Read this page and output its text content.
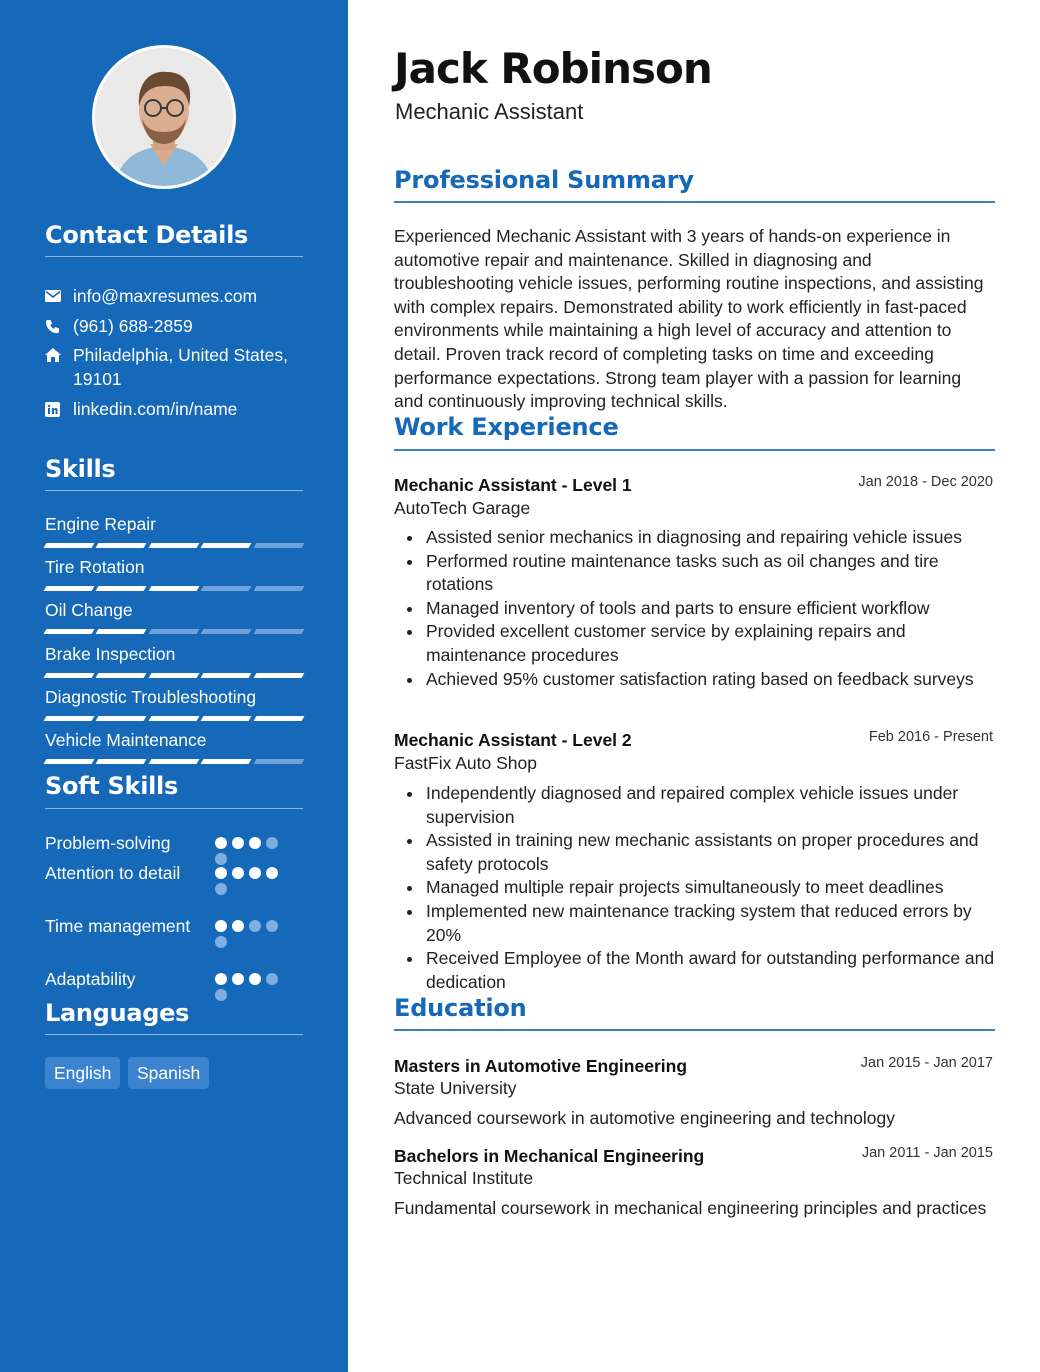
Contact Details
info@maxresumes.com
(961) 688-2859
Philadelphia, United States, 19101
linkedin.com/in/name
Skills
Engine Repair
Tire Rotation
Oil Change
Brake Inspection
Diagnostic Troubleshooting
Vehicle Maintenance
Soft Skills
Problem-solving
Attention to detail
Time management
Adaptability
Languages
English	Spanish
Jack Robinson
Mechanic Assistant
Professional Summary
Experienced Mechanic Assistant with 3 years of hands-on experience in automotive repair and maintenance. Skilled in diagnosing and troubleshooting vehicle issues, performing routine inspections, and assisting with complex repairs. Demonstrated ability to work efficiently in fast-paced environments while maintaining a high level of accuracy and attention to detail. Proven track record of completing tasks on time and exceeding performance expectations. Strong team player with a passion for learning and continuously improving technical skills.
Work Experience
Mechanic Assistant - Level 1	Jan 2018 - Dec 2020
AutoTech Garage
Assisted senior mechanics in diagnosing and repairing vehicle issues
Performed routine maintenance tasks such as oil changes and tire rotations
Managed inventory of tools and parts to ensure efficient workflow
Provided excellent customer service by explaining repairs and maintenance procedures
Achieved 95% customer satisfaction rating based on feedback surveys
Mechanic Assistant - Level 2	Feb 2016 - Present
FastFix Auto Shop
Independently diagnosed and repaired complex vehicle issues under supervision
Assisted in training new mechanic assistants on proper procedures and safety protocols
Managed multiple repair projects simultaneously to meet deadlines
Implemented new maintenance tracking system that reduced errors by 20%
Received Employee of the Month award for outstanding performance and dedication
Education
Masters in Automotive Engineering	Jan 2015 - Jan 2017
State University
Advanced coursework in automotive engineering and technology
Bachelors in Mechanical Engineering	Jan 2011 - Jan 2015
Technical Institute
Fundamental coursework in mechanical engineering principles and practices
